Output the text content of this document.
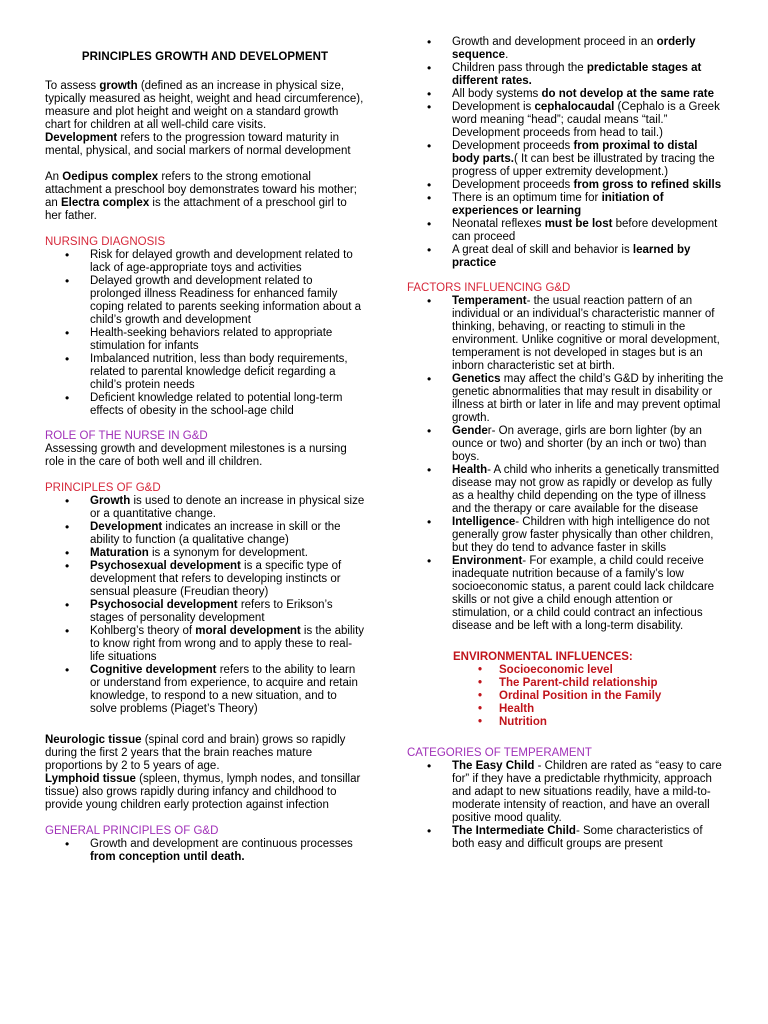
PRINCIPLES GROWTH AND DEVELOPMENT

To assess growth (defined as an increase in physical size, typically measured as height, weight and head circumference), measure and plot height and weight on a standard growth chart for children at all well-child care visits.
Development refers to the progression toward maturity in mental, physical, and social markers of normal development

An Oedipus complex refers to the strong emotional attachment a preschool boy demonstrates toward his mother; an Electra complex is the attachment of a preschool girl to her father.

NURSING DIAGNOSIS

• Risk for delayed growth and development related to lack of age-appropriate toys and activities
• Delayed growth and development related to prolonged illness Readiness for enhanced family coping related to parents seeking information about a child’s growth and development
• Health-seeking behaviors related to appropriate stimulation for infants
• Imbalanced nutrition, less than body requirements, related to parental knowledge deficit regarding a child’s protein needs
• Deficient knowledge related to potential long-term effects of obesity in the school-age child

ROLE OF THE NURSE IN G&D

Assessing growth and development milestones is a nursing role in the care of both well and ill children.

PRINCIPLES OF G&D

• Growth is used to denote an increase in physical size or a quantitative change.
• Development indicates an increase in skill or the ability to function (a qualitative change)
• Maturation is a synonym for development.
• Psychosexual development is a specific type of development that refers to developing instincts or sensual pleasure (Freudian theory)
• Psychosocial development refers to Erikson’s stages of personality development
• Kohlberg’s theory of moral development is the ability to know right from wrong and to apply these to real-life situations
• Cognitive development refers to the ability to learn or understand from experience, to acquire and retain knowledge, to respond to a new situation, and to solve problems (Piaget’s Theory)

Neurologic tissue (spinal cord and brain) grows so rapidly during the first 2 years that the brain reaches mature proportions by 2 to 5 years of age.
Lymphoid tissue (spleen, thymus, lymph nodes, and tonsillar tissue) also grows rapidly during infancy and childhood to provide young children early protection against infection

GENERAL PRINCIPLES OF G&D

• Growth and development are continuous processes from conception until death.
• Growth and development proceed in an orderly sequence.
• Children pass through the predictable stages at different rates.
• All body systems do not develop at the same rate
• Development is cephalocaudal (Cephalo is a Greek word meaning “head”; caudal means “tail.” Development proceeds from head to tail.)
• Development proceeds from proximal to distal body parts.( It can best be illustrated by tracing the progress of upper extremity development.)
• Development proceeds from gross to refined skills
• There is an optimum time for initiation of experiences or learning
• Neonatal reflexes must be lost before development can proceed
• A great deal of skill and behavior is learned by practice

FACTORS INFLUENCING G&D

• Temperament- the usual reaction pattern of an individual or an individual’s characteristic manner of thinking, behaving, or reacting to stimuli in the environment. Unlike cognitive or moral development, temperament is not developed in stages but is an inborn characteristic set at birth.
• Genetics may affect the child’s G&D by inheriting the genetic abnormalities that may result in disability or illness at birth or later in life and may prevent optimal growth.
• Gender- On average, girls are born lighter (by an ounce or two) and shorter (by an inch or two) than boys.
• Health- A child who inherits a genetically transmitted disease may not grow as rapidly or develop as fully as a healthy child depending on the type of illness and the therapy or care available for the disease
• Intelligence- Children with high intelligence do not generally grow faster physically than other children, but they do tend to advance faster in skills
• Environment- For example, a child could receive inadequate nutrition because of a family’s low socioeconomic status, a parent could lack childcare skills or not give a child enough attention or stimulation, or a child could contract an infectious disease and be left with a long-term disability.

ENVIRONMENTAL INFLUENCES:

• Socioeconomic level
• The Parent-child relationship
• Ordinal Position in the Family
• Health
• Nutrition

CATEGORIES OF TEMPERAMENT

• The Easy Child - Children are rated as “easy to care for” if they have a predictable rhythmicity, approach and adapt to new situations readily, have a mild-to-moderate intensity of reaction, and have an overall positive mood quality.
• The Intermediate Child- Some characteristics of both easy and difficult groups are present
